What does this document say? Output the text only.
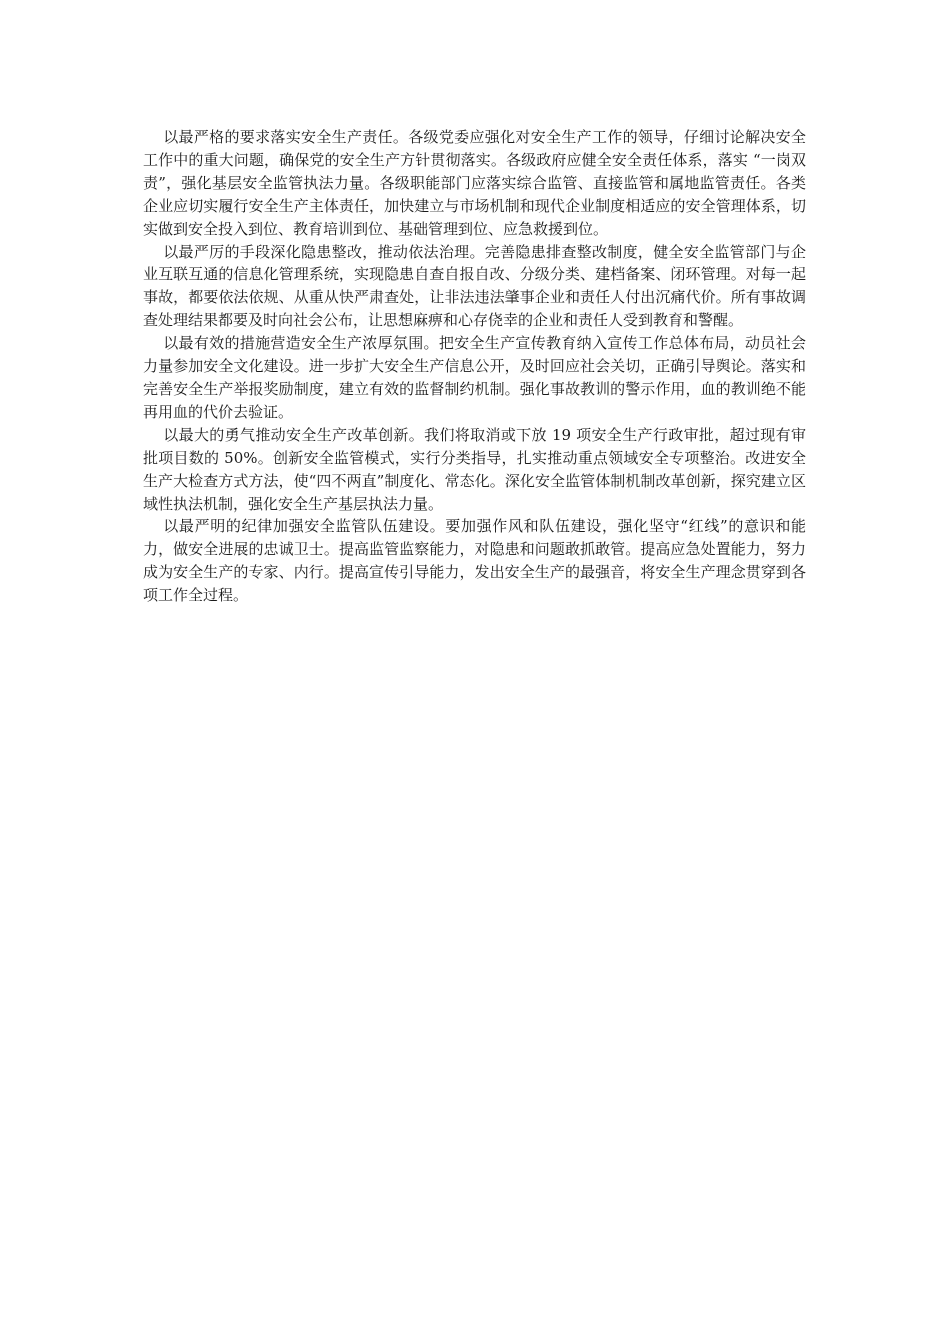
以最严格的要求落实安全生产责任。各级党委应强化对安全生产工作的领导，仔细讨论解决安全工作中的重大问题，确保党的安全生产方针贯彻落实。各级政府应健全安全责任体系，落实 “一岗双责”，强化基层安全监管执法力量。各级职能部门应落实综合监管、直接监管和属地监管责任。各类企业应切实履行安全生产主体责任，加快建立与市场机制和现代企业制度相适应的安全管理体系，切实做到安全投入到位、教育培训到位、基础管理到位、应急救援到位。

以最严厉的手段深化隐患整改，推动依法治理。完善隐患排查整改制度，健全安全监管部门与企业互联互通的信息化管理系统，实现隐患自查自报自改、分级分类、建档备案、闭环管理。对每一起事故，都要依法依规、从重从快严肃查处，让非法违法肇事企业和责任人付出沉痛代价。所有事故调查处理结果都要及时向社会公布，让思想麻痹和心存侥幸的企业和责任人受到教育和警醒。

以最有效的措施营造安全生产浓厚氛围。把安全生产宣传教育纳入宣传工作总体布局，动员社会力量参加安全文化建设。进一步扩大安全生产信息公开，及时回应社会关切，正确引导舆论。落实和完善安全生产举报奖励制度，建立有效的监督制约机制。强化事故教训的警示作用，血的教训绝不能再用血的代价去验证。

以最大的勇气推动安全生产改革创新。我们将取消或下放 19 项安全生产行政审批，超过现有审批项目数的 50%。创新安全监管模式，实行分类指导，扎实推动重点领域安全专项整治。改进安全生产大检查方式方法，使“四不两直”制度化、常态化。深化安全监管体制机制改革创新，探究建立区域性执法机制，强化安全生产基层执法力量。

以最严明的纪律加强安全监管队伍建设。要加强作风和队伍建设，强化坚守“红线”的意识和能力，做安全进展的忠诚卫士。提高监管监察能力，对隐患和问题敢抓敢管。提高应急处置能力，努力成为安全生产的专家、内行。提高宣传引导能力，发出安全生产的最强音，将安全生产理念贯穿到各项工作全过程。
